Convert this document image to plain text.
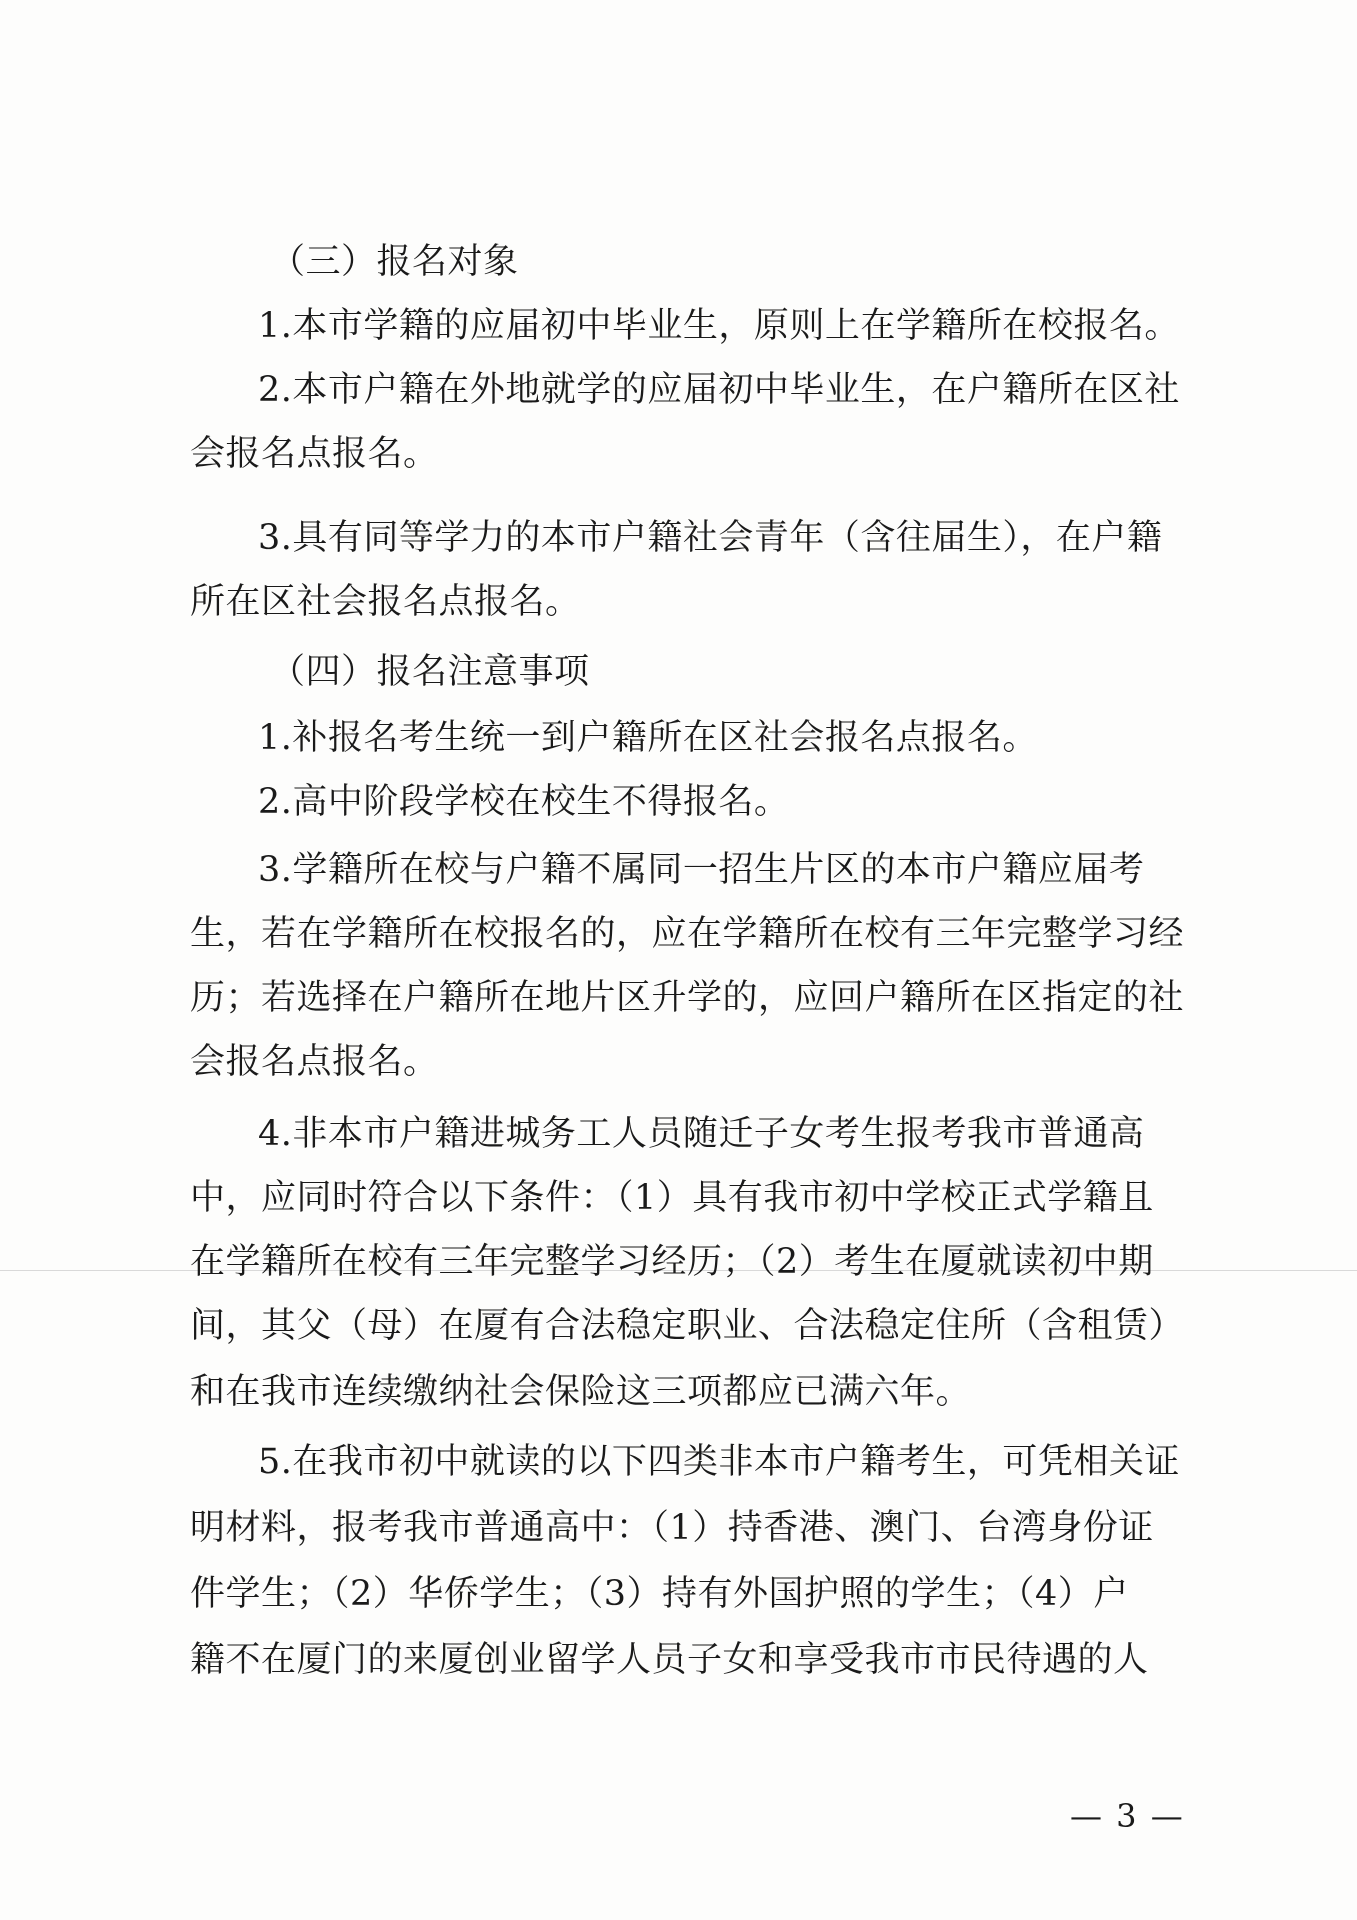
（三）报名对象
1.本市学籍的应届初中毕业生，原则上在学籍所在校报名。
2.本市户籍在外地就学的应届初中毕业生，在户籍所在区社
会报名点报名。
3.具有同等学力的本市户籍社会青年（含往届生），在户籍
所在区社会报名点报名。
（四）报名注意事项
1.补报名考生统一到户籍所在区社会报名点报名。
2.高中阶段学校在校生不得报名。
3.学籍所在校与户籍不属同一招生片区的本市户籍应届考
生，若在学籍所在校报名的，应在学籍所在校有三年完整学习经
历；若选择在户籍所在地片区升学的，应回户籍所在区指定的社
会报名点报名。
4.非本市户籍进城务工人员随迁子女考生报考我市普通高
中，应同时符合以下条件：（1）具有我市初中学校正式学籍且
在学籍所在校有三年完整学习经历；（2）考生在厦就读初中期
间，其父（母）在厦有合法稳定职业、合法稳定住所（含租赁）
和在我市连续缴纳社会保险这三项都应已满六年。
5.在我市初中就读的以下四类非本市户籍考生，可凭相关证
明材料，报考我市普通高中：（1）持香港、澳门、台湾身份证
件学生；（2）华侨学生；（3）持有外国护照的学生；（4）户
籍不在厦门的来厦创业留学人员子女和享受我市市民待遇的人
— 3 —
